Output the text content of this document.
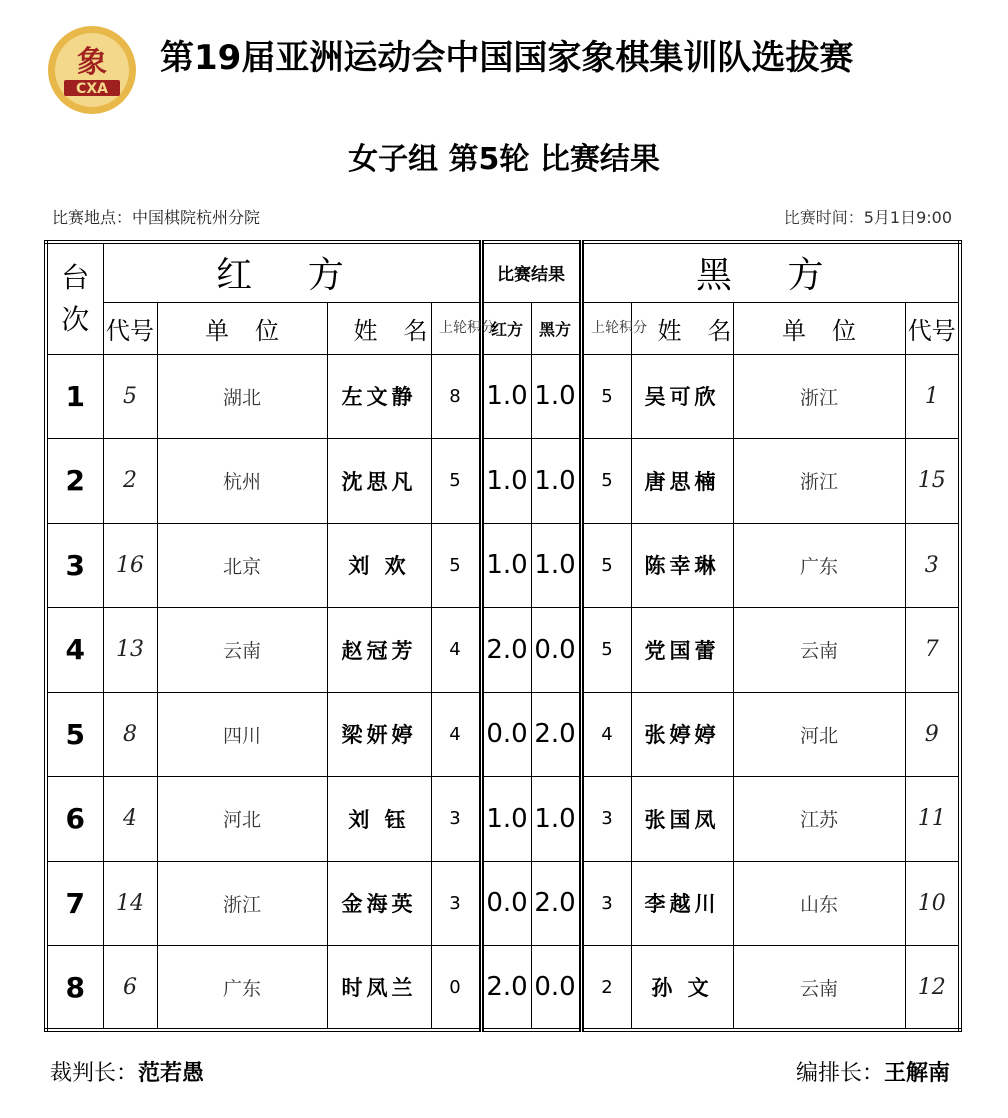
象
CXA
第19届亚洲运动会中国国家象棋集训队选拔赛
女子组 第5轮 比赛结果
比赛地点：中国棋院杭州分院	比赛时间：5月1日9:00
台次	红 方				比赛结果		黑 方			
	代号	单位	姓名	上轮积分	红方	黑方	上轮积分	姓名	单位	代号
1	5	湖北	左文静	8	1.0	1.0	5	吴可欣	浙江	1
2	2	杭州	沈思凡	5	1.0	1.0	5	唐思楠	浙江	15
3	16	北京	刘 欢	5	1.0	1.0	5	陈幸琳	广东	3
4	13	云南	赵冠芳	4	2.0	0.0	5	党国蕾	云南	7
5	8	四川	梁妍婷	4	0.0	2.0	4	张婷婷	河北	9
6	4	河北	刘 钰	3	1.0	1.0	3	张国凤	江苏	11
7	14	浙江	金海英	3	0.0	2.0	3	李越川	山东	10
8	6	广东	时凤兰	0	2.0	0.0	2	孙 文	云南	12
裁判长：范若愚	编排长：王解南
